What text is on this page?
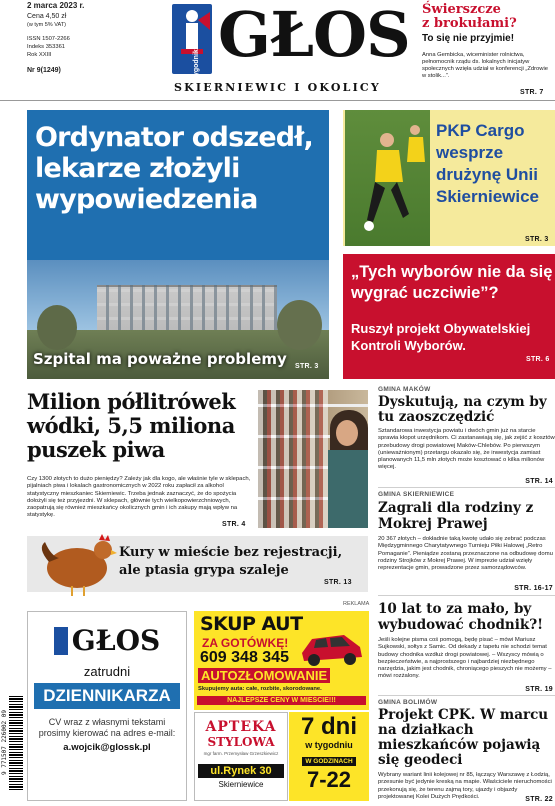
2 marca 2023 r.
Cena 4,50 zł
(w tym 5% VAT)
ISSN 1507-2266
Indeks 353361
Rok XXIII
Nr 9(1249)	Tygodnik GŁOS
SKIERNIEWIC I OKOLICY
Świerszcze
z brokułami?
To się nie przyjmie!
Anna Gembicka, wiceminister rolnictwa, pełnomocnik rządu ds. lokalnych inicjatyw społecznych wzięła udział w konferencji „Zdrowie w stolik...”.
STR. 7
Ordynator odszedł, lekarze złożyli wypowiedzenia
Szpital ma poważne problemy STR. 3
PKP Cargo wesprze drużynę Unii Skierniewice
STR. 3
„Tych wyborów nie da się wygrać uczciwie”?
Ruszył projekt Obywatelskiej Kontroli Wyborów.
STR. 6
Milion półlitrówek wódki, 5,5 miliona puszek piwa
Czy 1300 złotych to dużo pieniędzy? Zależy jak dla kogo, ale właśnie tyle w sklepach, pijalniach piwa i lokalach gastronomicznych w 2022 roku zapłacił za alkohol statystyczny mieszkaniec Skierniewic. Trzeba jednak zaznaczyć, że do spożycia dołożyli się też przyjezdni. W sklepach, głównie tych wielkopowierzchniowych, zaopatrują się również mieszkańcy okolicznych gmin i ich zakupy mają wpływ na statystykę.
STR. 4
Kury w mieście bez rejestracji, ale ptasia grypa szaleje
STR. 13
REKLAMA
GMINA MAKÓW
Dyskutują, na czym by tu zaoszczędzić
Sztandarowa inwestycja powiatu i dwóch gmin już na starcie sprawia kłopot urzędnikom. Ci zastanawiają się, jak zejść z kosztów przebudowy drogi powiatowej Maków-Chlebów. Po pierwszym (unieważnionym) przetargu okazało się, że inwestycja zamiast planowanych 11,5 mln złotych może kosztować o kilka milionów więcej.
STR. 14
GMINA SKIERNIEWICE
Zagrali dla rodziny z Mokrej Prawej
20 367 złotych – dokładnie taką kwotę udało się zebrać podczas Międzygminnego Charytatywnego Turnieju Piłki Halowej „Retro Pomaganie”. Pieniądze zostaną przeznaczone na odbudowę domu rodziny Strojków z Mokrej Prawej. W imprezie udział wzięły reprezentacje gmin, prowadzone przez samorządowców.
STR. 16-17
10 lat to za mało, by wybudować chodnik?!
Jeśli kolejne pisma coś pomogą, będę pisać – mówi Mariusz Sujkowski, sołtys z Samic. Od dekady z tapetu nie schodzi temat budowy chodnika wzdłuż drogi powiatowej. – Wszyscy mówią o bezpieczeństwie, a najprostszego i najbardziej niezbędnego narzędzia, jakim jest chodnik, chroniącego pieszych nie możemy – mówi rozżalony.
STR. 19
GMINA BOLIMÓW
Projekt CPK. W marcu na działkach mieszkańców pojawią się geodeci
Wybrany wariant linii kolejowej nr 85, łączący Warszawę z Łodzią, przesunie być jedynie kreską na mapie. Właściciele nieruchomości przekonują się, że terenu zajmą tory, ujazdy i objazdy projektowanej Kolei Dużych Prędkości.	STR. 22
GŁOS
zatrudni
DZIENNIKARZA
CV wraz z własnymi tekstami prosimy kierować na adres e-mail:
a.wojcik@glossk.pl
9 771507 226002 09
SKUP AUT
ZA GOTÓWKĘ!
609 348 345
AUTOZŁOMOWANIE
Skupujemy auta: całe, rozbite, skorodowane.
NAJLEPSZE CENY W MIEŚCIE!!!
APTEKA
STYLOWA
mgr farm. Przemysław Grzeszkiewicz
ul.Rynek 30
Skierniewice
7 dni
w tygodniu
W GODZINACH
7-22
